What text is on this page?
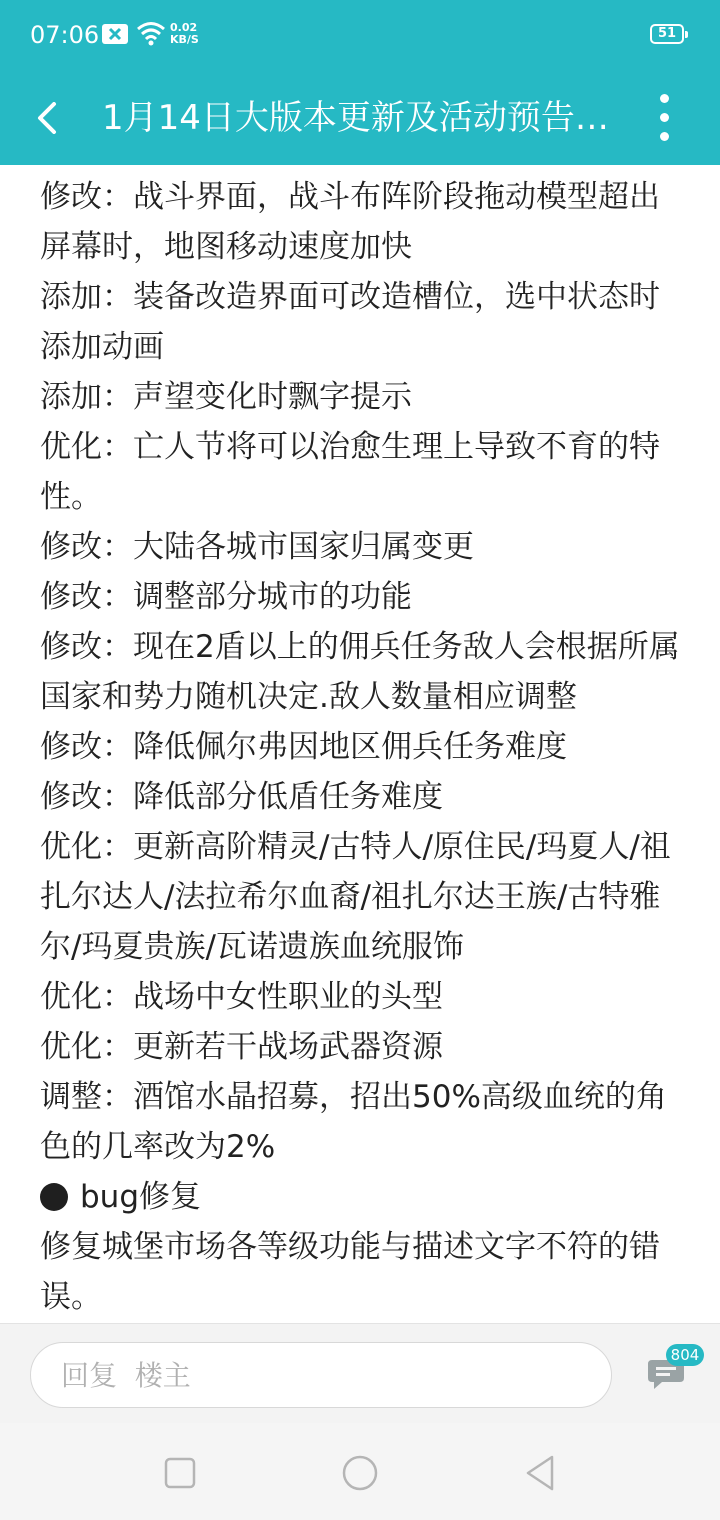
07:06	0.02
KB/S	51
1月14日大版本更新及活动预告…

修改：战斗界面，战斗布阵阶段拖动模型超出屏幕时，地图移动速度加快

添加：装备改造界面可改造槽位，选中状态时添加动画

添加：声望变化时飘字提示

优化：亡人节将可以治愈生理上导致不育的特性。

修改：大陆各城市国家归属变更

修改：调整部分城市的功能

修改：现在2盾以上的佣兵任务敌人会根据所属国家和势力随机决定.敌人数量相应调整

修改：降低佩尔弗因地区佣兵任务难度

修改：降低部分低盾任务难度

优化：更新高阶精灵/古特人/原住民/玛夏人/祖扎尔达人/法拉希尔血裔/祖扎尔达王族/古特雅尔/玛夏贵族/瓦诺遗族血统服饰

优化：战场中女性职业的头型

优化：更新若干战场武器资源

调整：酒馆水晶招募，招出50%高级血统的角色的几率改为2%

bug修复

修复城堡市场各等级功能与描述文字不符的错误。

回复 楼主
804
